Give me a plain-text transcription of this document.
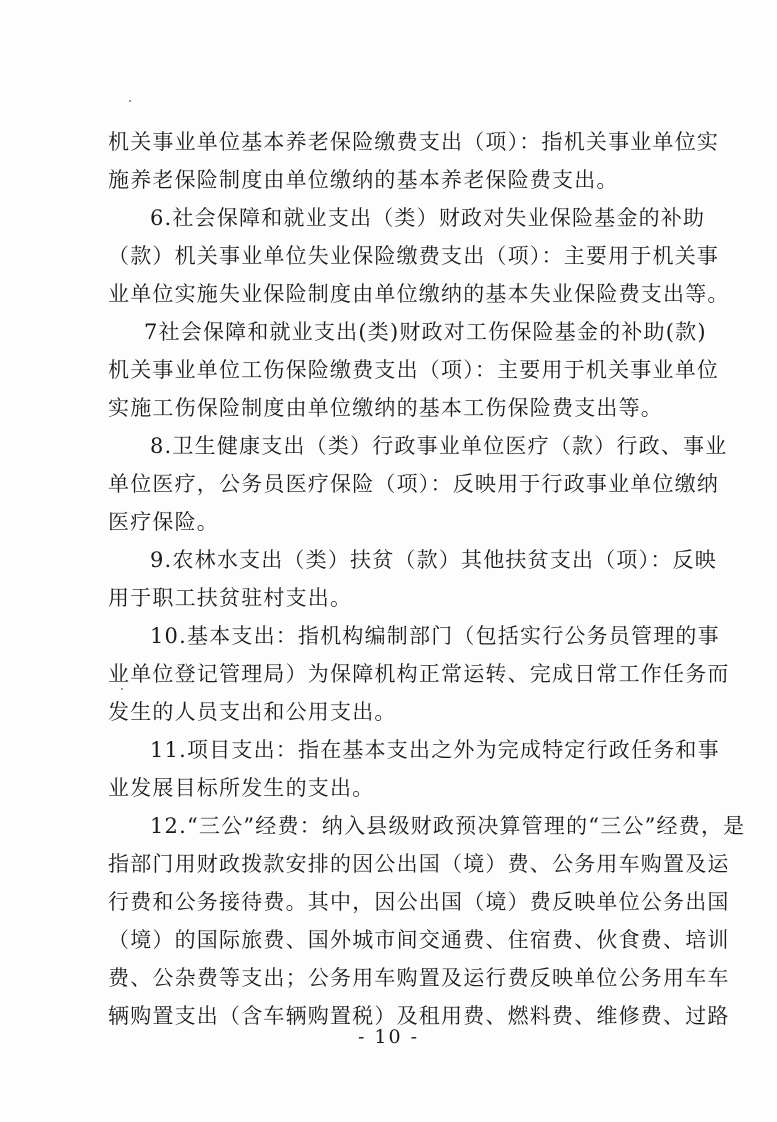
机关事业单位基本养老保险缴费支出（项）：指机关事业单位实
施养老保险制度由单位缴纳的基本养老保险费支出。
6.社会保障和就业支出（类）财政对失业保险基金的补助
（款）机关事业单位失业保险缴费支出（项）：主要用于机关事
业单位实施失业保险制度由单位缴纳的基本失业保险费支出等。
7社会保障和就业支出(类)财政对工伤保险基金的补助(款)
机关事业单位工伤保险缴费支出（项）：主要用于机关事业单位
实施工伤保险制度由单位缴纳的基本工伤保险费支出等。
8.卫生健康支出（类）行政事业单位医疗（款）行政、事业
单位医疗，公务员医疗保险（项）：反映用于行政事业单位缴纳
医疗保险。
9.农林水支出（类）扶贫（款）其他扶贫支出（项）：反映
用于职工扶贫驻村支出。
10.基本支出：指机构编制部门（包括实行公务员管理的事
业单位登记管理局）为保障机构正常运转、完成日常工作任务而
发生的人员支出和公用支出。
11.项目支出：指在基本支出之外为完成特定行政任务和事
业发展目标所发生的支出。
12.“三公”经费：纳入县级财政预决算管理的“三公”经费，是
指部门用财政拨款安排的因公出国（境）费、公务用车购置及运
行费和公务接待费。其中，因公出国（境）费反映单位公务出国
（境）的国际旅费、国外城市间交通费、住宿费、伙食费、培训
费、公杂费等支出；公务用车购置及运行费反映单位公务用车车
辆购置支出（含车辆购置税）及租用费、燃料费、维修费、过路
- 10 -
